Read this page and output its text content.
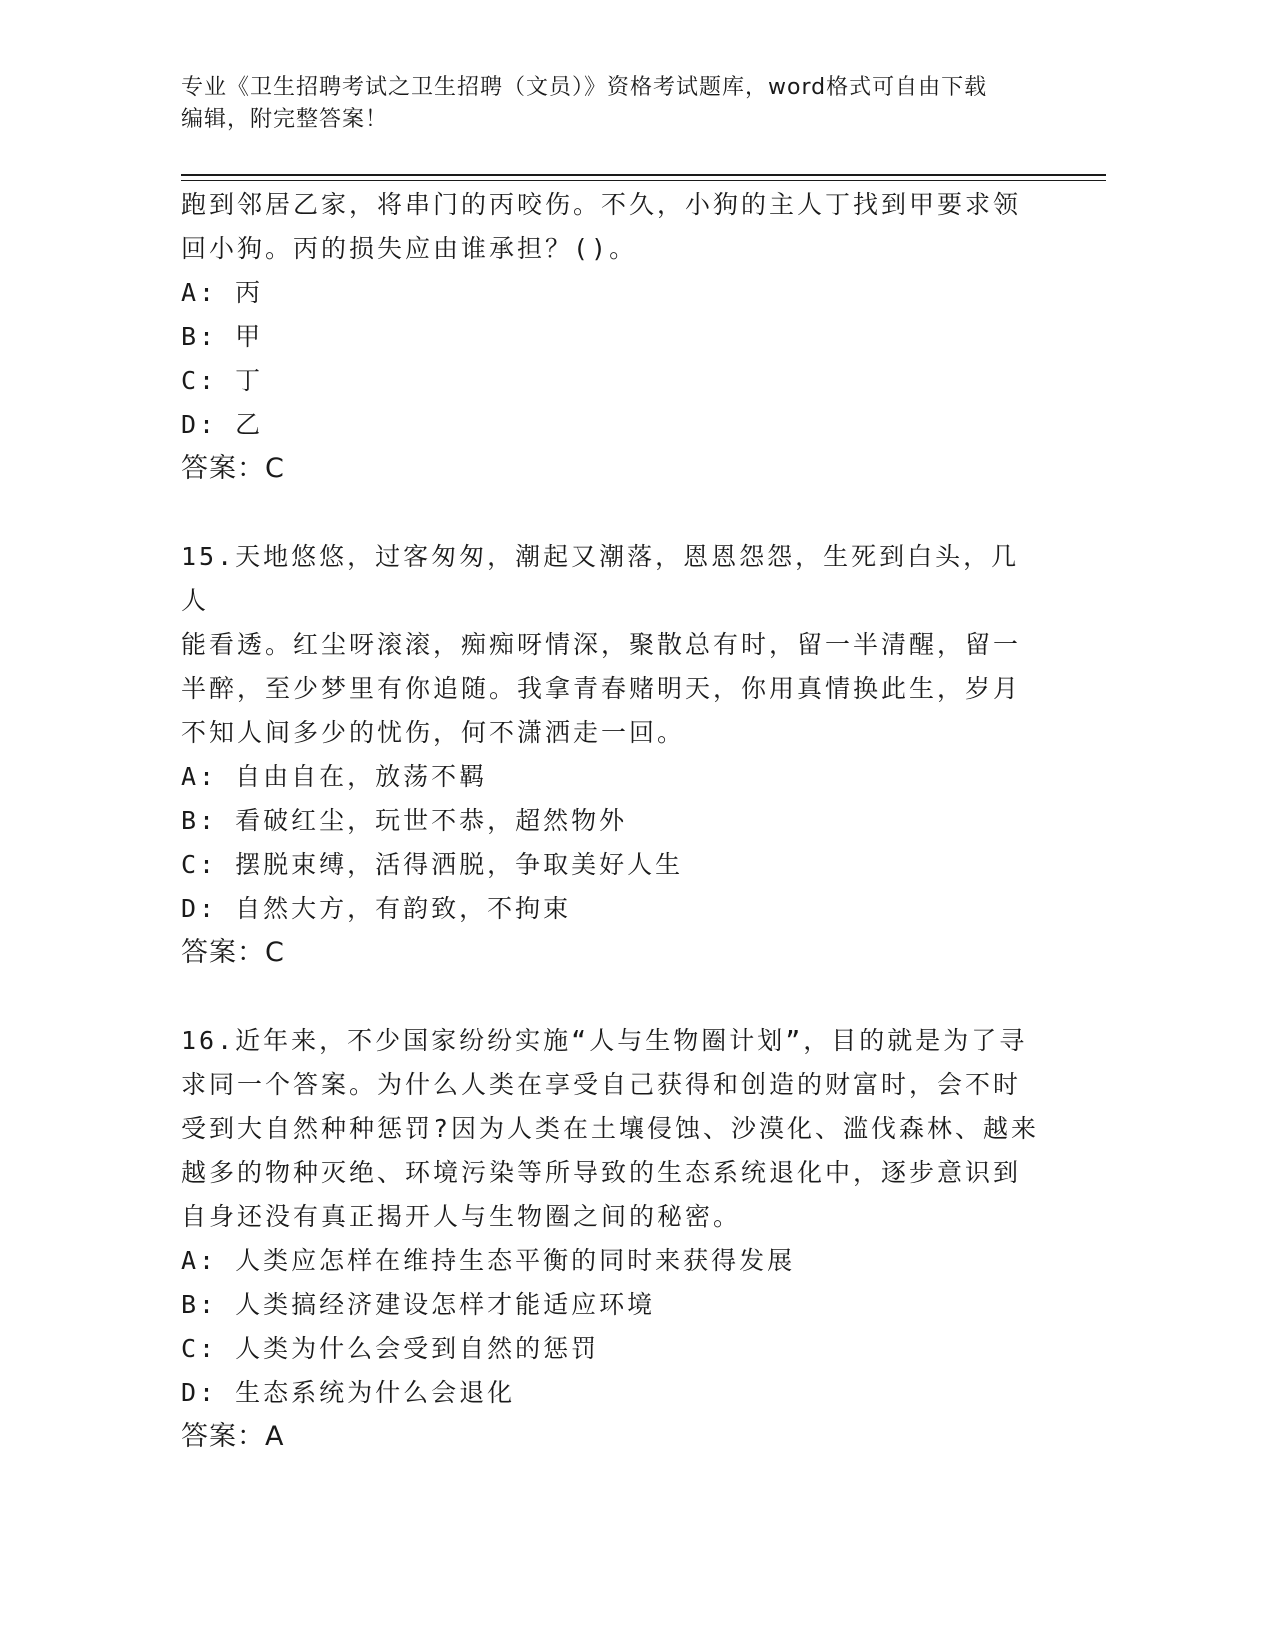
专业《卫生招聘考试之卫生招聘（文员）》资格考试题库，word格式可自由下载
编辑，附完整答案！

跑到邻居乙家，将串门的丙咬伤。不久，小狗的主人丁找到甲要求领
回小狗。丙的损失应由谁承担？()。

A: 丙

B: 甲

C: 丁

D: 乙

答案：C

15.天地悠悠，过客匆匆，潮起又潮落，恩恩怨怨，生死到白头，几人
能看透。红尘呀滚滚，痴痴呀情深，聚散总有时，留一半清醒，留一
半醉，至少梦里有你追随。我拿青春赌明天，你用真情换此生，岁月
不知人间多少的忧伤，何不潇洒走一回。

A: 自由自在，放荡不羁

B: 看破红尘，玩世不恭，超然物外

C: 摆脱束缚，活得洒脱，争取美好人生

D: 自然大方，有韵致，不拘束

答案：C

16.近年来，不少国家纷纷实施“人与生物圈计划”，目的就是为了寻
求同一个答案。为什么人类在享受自己获得和创造的财富时，会不时
受到大自然种种惩罚?因为人类在土壤侵蚀、沙漠化、滥伐森林、越来
越多的物种灭绝、环境污染等所导致的生态系统退化中，逐步意识到
自身还没有真正揭开人与生物圈之间的秘密。

A: 人类应怎样在维持生态平衡的同时来获得发展

B: 人类搞经济建设怎样才能适应环境

C: 人类为什么会受到自然的惩罚

D: 生态系统为什么会退化

答案：A
